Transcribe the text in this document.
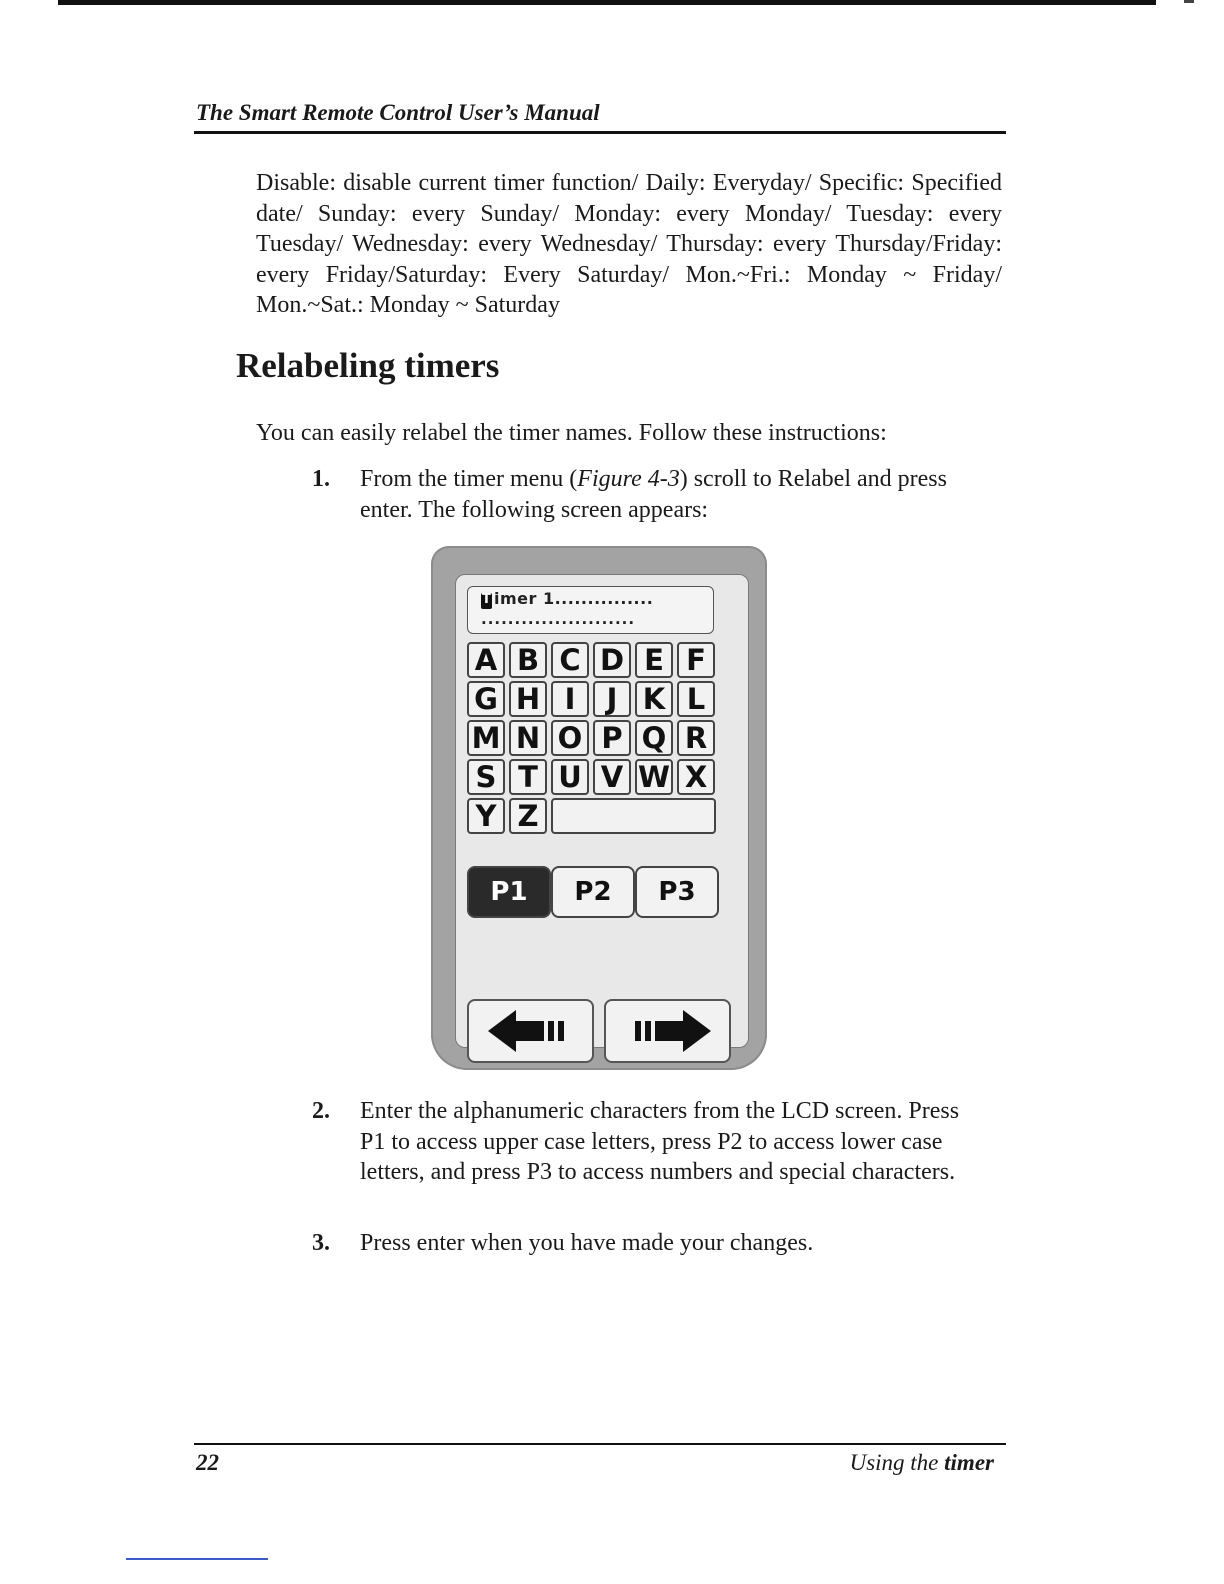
The Smart Remote Control User’s Manual

Disable: disable current timer function/ Daily: Everyday/ Specific: Specified date/ Sunday: every Sunday/ Monday: every Monday/ Tuesday: every Tuesday/ Wednesday: every Wednesday/ Thursday: every Thursday/Friday: every Friday/Saturday: Every Saturday/ Mon.~Fri.: Monday ~ Friday/ Mon.~Sat.: Monday ~ Saturday

Relabeling timers

You can easily relabel the timer names. Follow these instructions:

1. From the timer menu (Figure 4-3) scroll to Relabel and press enter. The following screen appears:
T imer 1...............
.......................
A B C D E F
G H I	J K L
M N O P Q R
S T U V W X
Y Z
P1	P2	P3
2. Enter the alphanumeric characters from the LCD screen. Press P1 to access upper case letters, press P2 to access lower case letters, and press P3 to access numbers and special characters.
3. Press enter when you have made your changes.
22	Using the timer
